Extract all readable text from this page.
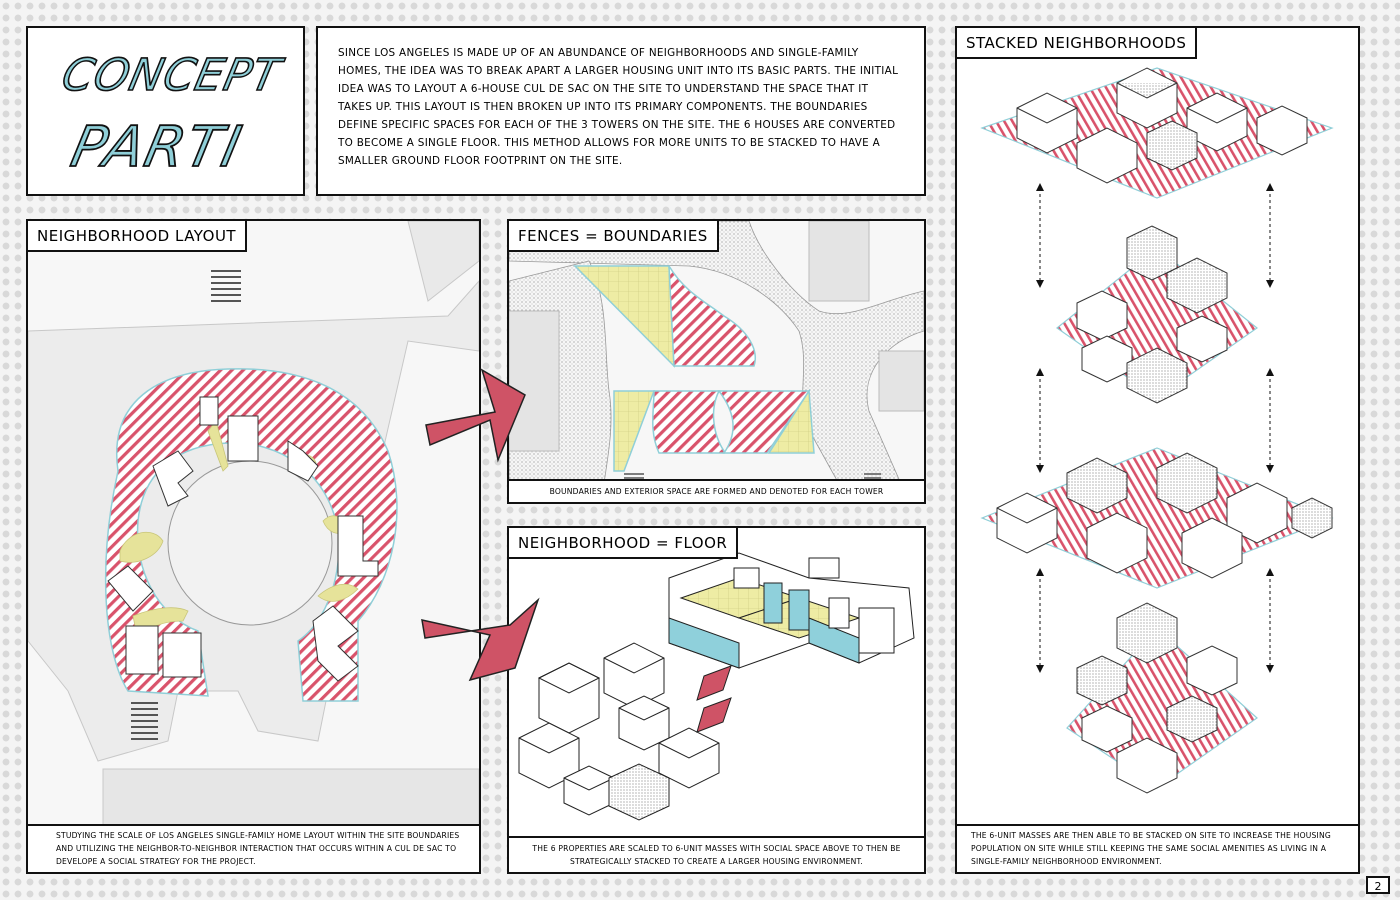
CONCEPT
PARTI
SINCE LOS ANGELES IS MADE UP OF AN ABUNDANCE OF NEIGHBORHOODS AND SINGLE-FAMILY HOMES, THE IDEA WAS TO BREAK APART A LARGER HOUSING UNIT INTO ITS BASIC PARTS. THE INITIAL IDEA WAS TO LAYOUT A 6-HOUSE CUL DE SAC ON THE SITE TO UNDERSTAND THE SPACE THAT IT TAKES UP. THIS LAYOUT IS THEN BROKEN UP INTO ITS PRIMARY COMPONENTS. THE BOUNDARIES DEFINE SPECIFIC SPACES FOR EACH OF THE 3 TOWERS ON THE SITE. THE 6 HOUSES ARE CONVERTED TO BECOME A SINGLE FLOOR. THIS METHOD ALLOWS FOR MORE UNITS TO BE STACKED TO HAVE A SMALLER GROUND FLOOR FOOTPRINT ON THE SITE.
NEIGHBORHOOD LAYOUT
STUDYING THE SCALE OF LOS ANGELES SINGLE-FAMILY HOME LAYOUT WITHIN THE SITE BOUNDARIES AND UTILIZING THE NEIGHBOR-TO-NEIGHBOR INTERACTION THAT OCCURS WITHIN A CUL DE SAC TO DEVELOPE A SOCIAL STRATEGY FOR THE PROJECT.
FENCES = BOUNDARIES
BOUNDARIES AND EXTERIOR SPACE ARE FORMED AND DENOTED FOR EACH TOWER
NEIGHBORHOOD = FLOOR
THE 6 PROPERTIES ARE SCALED TO 6-UNIT MASSES WITH SOCIAL SPACE ABOVE TO THEN BE STRATEGICALLY STACKED TO CREATE A LARGER HOUSING ENVIRONMENT.
STACKED NEIGHBORHOODS
THE 6-UNIT MASSES ARE THEN ABLE TO BE STACKED ON SITE TO INCREASE THE HOUSING POPULATION ON SITE WHILE STILL KEEPING THE SAME SOCIAL AMENITIES AS LIVING IN A SINGLE-FAMILY NEIGHBORHOOD ENVIRONMENT.
2
